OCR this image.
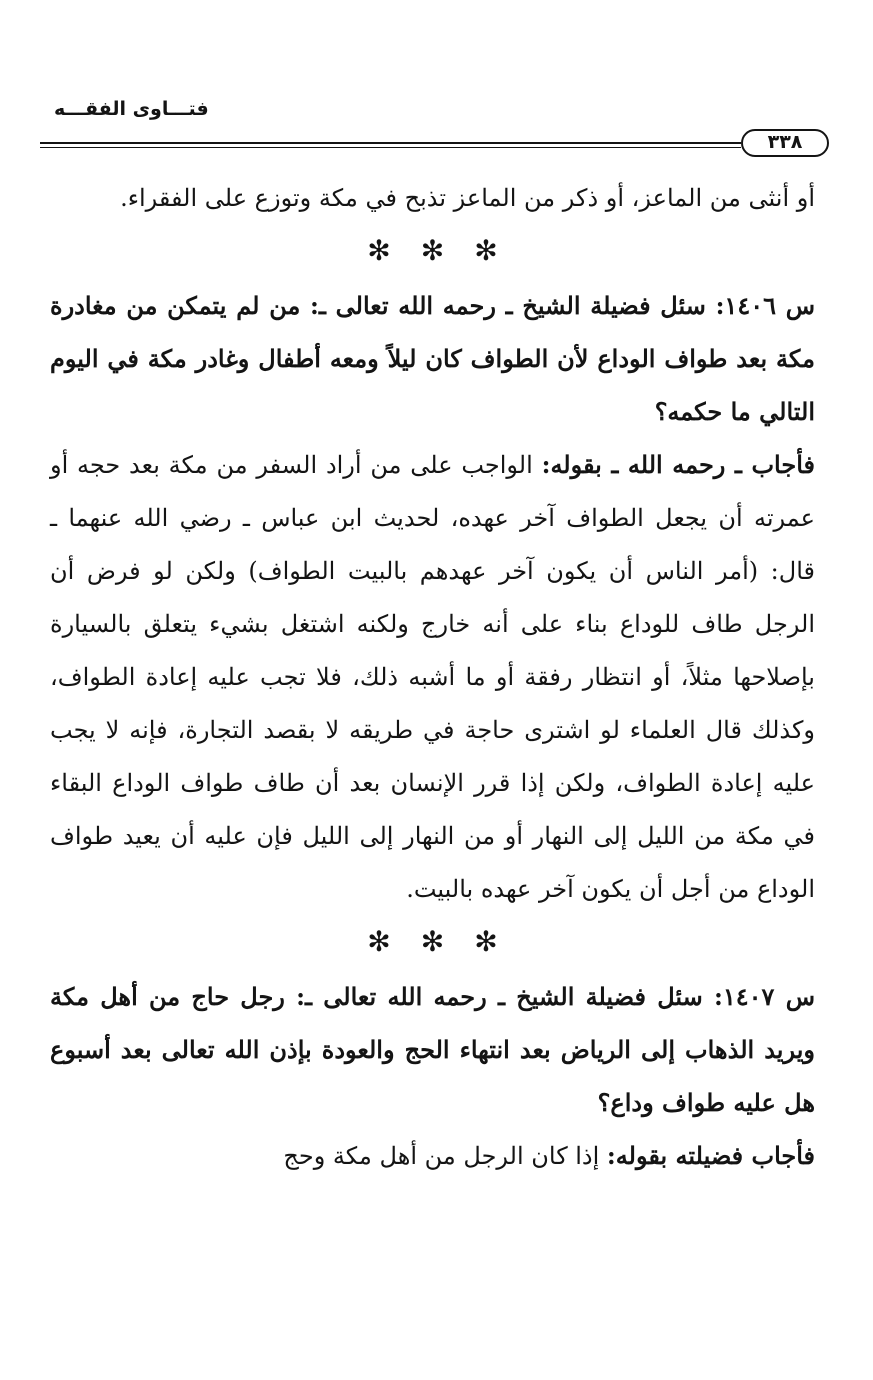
فتـــاوى الفقـــه
٣٣٨

أو أنثى من الماعز، أو ذكر من الماعز تذبح في مكة وتوزع على الفقراء.

✻✻✻

س ١٤٠٦: سئل فضيلة الشيخ ـ رحمه الله تعالى ـ: من لم يتمكن من مغادرة مكة بعد طواف الوداع لأن الطواف كان ليلاً ومعه أطفال وغادر مكة في اليوم التالي ما حكمه؟

فأجاب ـ رحمه الله ـ بقوله: الواجب على من أراد السفر من مكة بعد حجه أو عمرته أن يجعل الطواف آخر عهده، لحديث ابن عباس ـ رضي الله عنهما ـ قال: (أمر الناس أن يكون آخر عهدهم بالبيت الطواف) ولكن لو فرض أن الرجل طاف للوداع بناء على أنه خارج ولكنه اشتغل بشيء يتعلق بالسيارة بإصلاحها مثلاً، أو انتظار رفقة أو ما أشبه ذلك، فلا تجب عليه إعادة الطواف، وكذلك قال العلماء لو اشترى حاجة في طريقه لا بقصد التجارة، فإنه لا يجب عليه إعادة الطواف، ولكن إذا قرر الإنسان بعد أن طاف طواف الوداع البقاء في مكة من الليل إلى النهار أو من النهار إلى الليل فإن عليه أن يعيد طواف الوداع من أجل أن يكون آخر عهده بالبيت.

✻✻✻

س ١٤٠٧: سئل فضيلة الشيخ ـ رحمه الله تعالى ـ: رجل حاج من أهل مكة ويريد الذهاب إلى الرياض بعد انتهاء الحج والعودة بإذن الله تعالى بعد أسبوع هل عليه طواف وداع؟

فأجاب فضيلته بقوله: إذا كان الرجل من أهل مكة وحج
